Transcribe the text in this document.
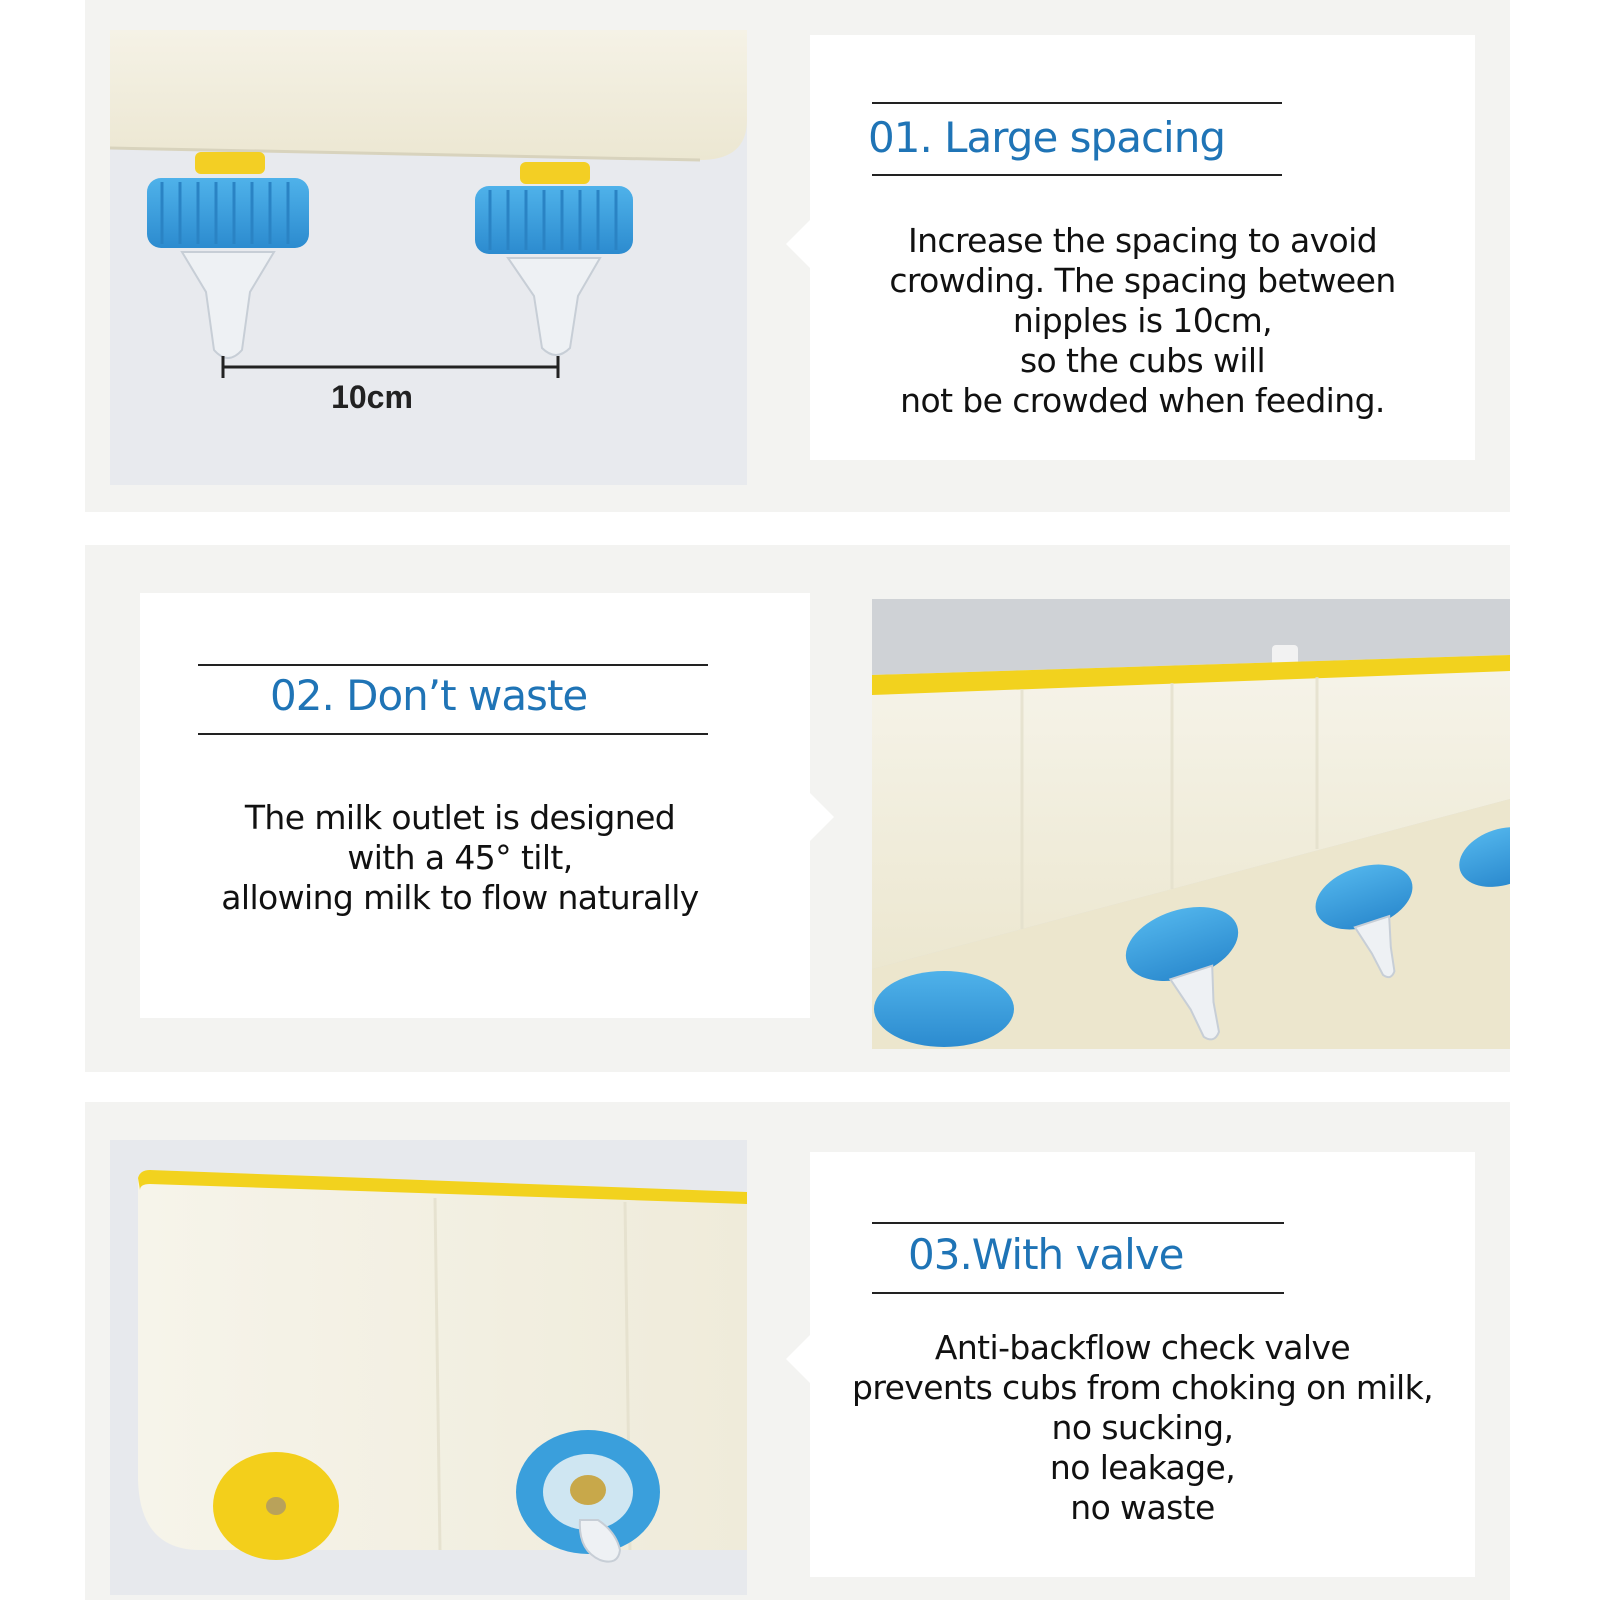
10cm
01. Large spacing

Increase the spacing to avoid
crowding. The spacing between
nipples is 10cm,
so the cubs will
not be crowded when feeding.

02. Don’t waste

The milk outlet is designed
with a 45° tilt,
allowing milk to flow naturally

03.With valve

Anti-backflow check valve
prevents cubs from choking on milk,
no sucking,
no leakage,
no waste
